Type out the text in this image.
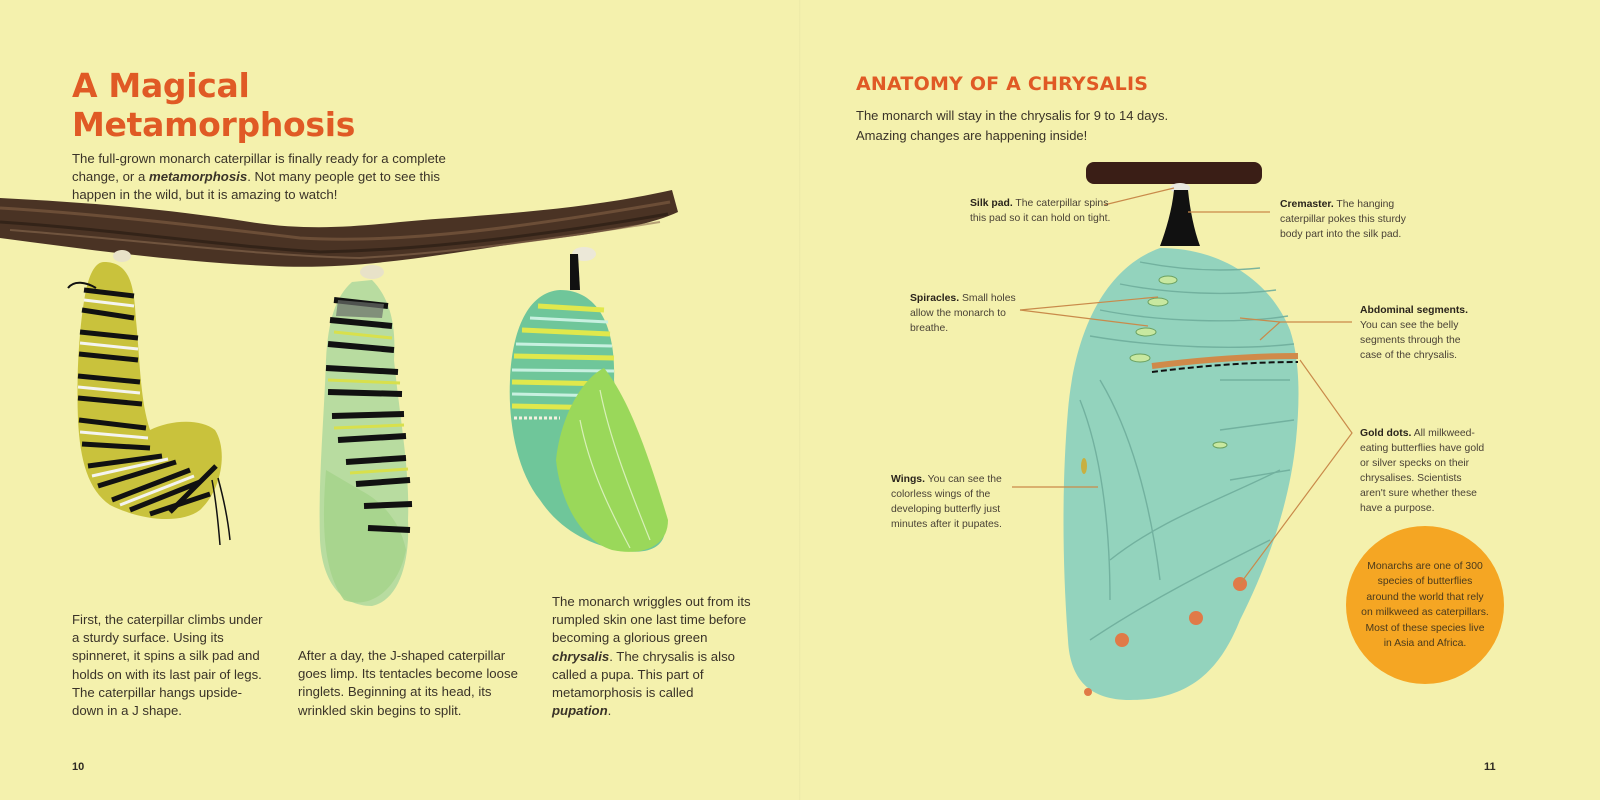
A Magical
Metamorphosis

The full-grown monarch caterpillar is finally ready for a complete change, or a metamorphosis. Not many people get to see this happen in the wild, but it is amazing to watch!

First, the caterpillar climbs under a sturdy surface. Using its spinneret, it spins a silk pad and holds on with its last pair of legs. The caterpillar hangs upside-down in a J shape.

After a day, the J-shaped caterpillar goes limp. Its tentacles become loose ringlets. Beginning at its head, its wrinkled skin begins to split.

The monarch wriggles out from its rumpled skin one last time before becoming a glorious green chrysalis. The chrysalis is also called a pupa. This part of metamorphosis is called pupation.

10
ANATOMY OF A CHRYSALIS

The monarch will stay in the chrysalis for 9 to 14 days.
Amazing changes are happening inside!

Silk pad. The caterpillar spins this pad so it can hold on tight.

Cremaster. The hanging caterpillar pokes this sturdy body part into the silk pad.

Spiracles. Small holes allow the monarch to breathe.

Abdominal segments. You can see the belly segments through the case of the chrysalis.

Gold dots. All milkweed-eating butterflies have gold or silver specks on their chrysalises. Scientists aren't sure whether these have a purpose.

Wings. You can see the colorless wings of the developing butterfly just minutes after it pupates.

Monarchs are one of 300 species of butterflies around the world that rely on milkweed as caterpillars. Most of these species live in Asia and Africa.

11
